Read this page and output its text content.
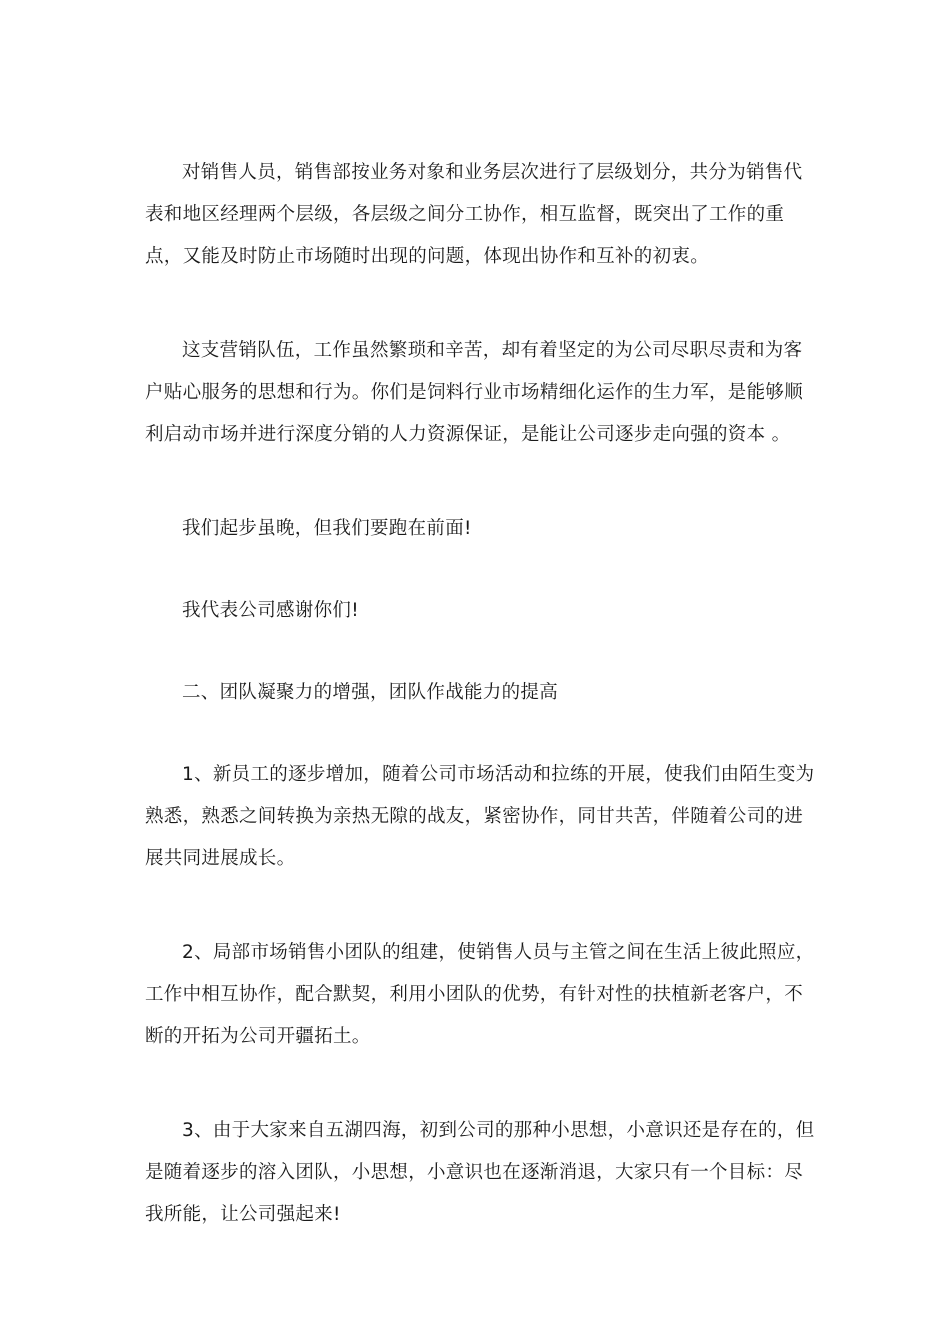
对销售人员，销售部按业务对象和业务层次进行了层级划分，共分为销售代表和地区经理两个层级，各层级之间分工协作，相互监督，既突出了工作的重点，又能及时防止市场随时出现的问题，体现出协作和互补的初衷。

这支营销队伍，工作虽然繁琐和辛苦，却有着坚定的为公司尽职尽责和为客户贴心服务的思想和行为。你们是饲料行业市场精细化运作的生力军，是能够顺利启动市场并进行深度分销的人力资源保证，是能让公司逐步走向强的资本 。

我们起步虽晚，但我们要跑在前面!

我代表公司感谢你们!

二、团队凝聚力的增强，团队作战能力的提高

1、新员工的逐步增加，随着公司市场活动和拉练的开展，使我们由陌生变为熟悉，熟悉之间转换为亲热无隙的战友，紧密协作，同甘共苦，伴随着公司的进展共同进展成长。

2、局部市场销售小团队的组建，使销售人员与主管之间在生活上彼此照应，工作中相互协作，配合默契，利用小团队的优势，有针对性的扶植新老客户，不断的开拓为公司开疆拓土。

3、由于大家来自五湖四海，初到公司的那种小思想，小意识还是存在的，但是随着逐步的溶入团队，小思想，小意识也在逐渐消退，大家只有一个目标：尽我所能，让公司强起来!
